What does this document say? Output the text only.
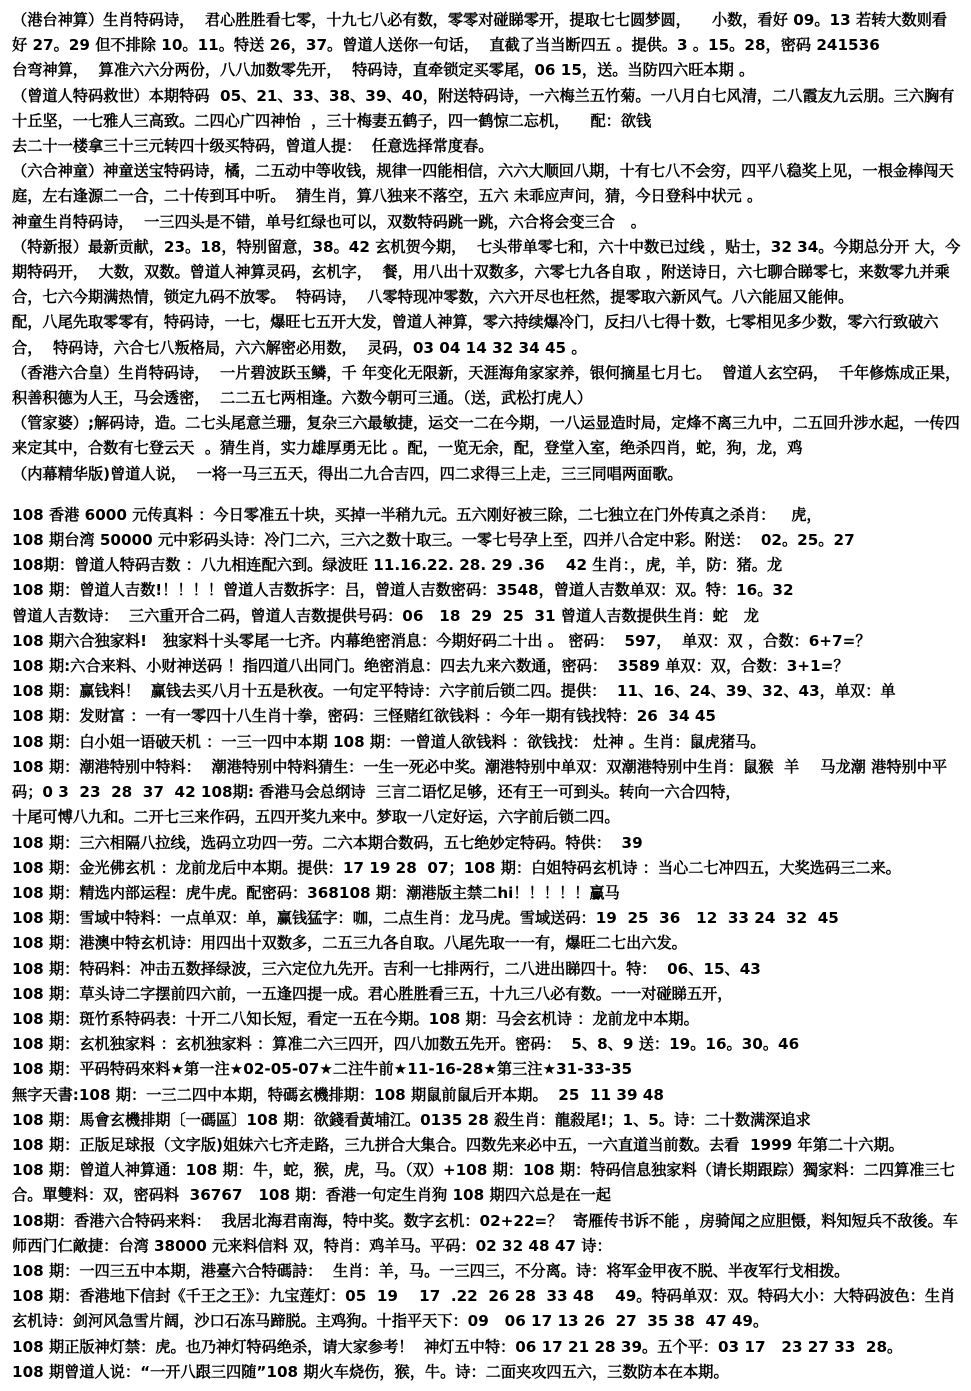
（港台神算）生肖特码诗，  君心胜胜看七零，十九七八必有数，零零对碰睇零开，提取七七圆梦圆，    小数，看好 09。13 若转大数则看好 27。29 但不排除 10。11。特送 26，37。曾道人送你一句话，  直截了当当断四五 。提供。3 。15。28，密码 241536
台弯神算，  算准六六分两份，八八加数零先开，  特码诗，直牵锁定买零尾，06 15，送。当防四六旺本期 。
（曾道人特码救世）本期特码  05、21、33、38、39、40，附送特码诗，一六梅兰五竹菊。一八月白七风清，二八霞友九云朋。三六胸有十丘坚，一七雅人三高致。二四心广四神怡  ，三十梅妻五鹤子，四一鹤惊二忘机，    配：欲钱
去二十一楼拿三十三元转四十级买特码，曾道人提：  任意选择常度春。
（六合神童）神童送宝特码诗，橘，二五动中等收钱，规律一四能相信，六六大顺回八期，十有七八不会穷，四平八稳奖上见，一根金棒闯天庭，左右逢源二一合，二十传到耳中听。  猜生肖，算八独来不落空，五六 未乖应声问，猜，今日登科中状元 。
神童生肖特码诗，  一三四头是不错，单号红绿也可以，双数特码跳一跳，六合将会变三合   。
（特新报）最新贡献，23。18，特别留意，38。42 玄机贺今期，  七头带单零七和，六十中数已过线 ，贴士，32 34。今期总分开 大，今期特码开，  大数，双数。曾道人神算灵码，玄机字，  餐，用八出十双数多，六零七九各自取 ，附送诗日，六七聊合睇零七，来数零九并乘合，七六今期满热情，锁定九码不放零。  特码诗，  八零特现冲零数，六六开尽也枉然，提零取六新风气。八六能屈又能伸。
配，八尾先取零零有，特码诗，一七，爆旺七五开大发，曾道人神算，零六持续爆冷门，反扫八七得十数，七零相见多少数，零六行致破六合，  特码诗，六合七八叛格局，六六解密必用数，  灵码，03 04 14 32 34 45 。
（香港六合皇）生肖特码诗，  一片碧波跃玉鳞，千 年变化无限新，天涯海角家家养，银何摘星七月七。  曾道人玄空码，  千年修炼成正果，积善积德为人王，马会透密，  二二五七两相逢。六数今朝可三通。（送，武松打虎人）
（管家婆）;解码诗，造。二七头尾意兰珊，复杂三六最敏捷，运交一二在今期，一八运显造时局，定烽不离三九中，二五回升涉水起，一传四来定其中，合数有七登云天  。猜生肖，实力雄厚勇无比 。配，一览无余，配，登堂入室，绝杀四肖，蛇，狗，龙，鸡
（内幕精华版)曾道人说，  一将一马三五天，得出二九合吉四，四二求得三上走，三三同唱两面歌。
108 香港 6000 元传真料 ：今日零准五十块，买掉一半稍九元。五六刚好被三除，二七独立在门外传真之杀肖：   虎，
108 期台湾 50000 元中彩码头诗：冷门二六，三六之数十取三。一零七号孕上至，四并八合定中彩。附送：  02。25。27
108期：曾道人特码吉数 ：八九相连配六到。绿波旺 11.16.22. 28. 29 .36    42 生肖：，虎，羊，防：猪。龙
108 期：曾道人吉数!！！！！曾道人吉数拆字：吕，曾道人吉数密码：3548，曾道人吉数单双：双。特：16。32
曾道人吉数诗：  三六重开合二码，曾道人吉数提供号码：06   18  29  25  31 曾道人吉数提供生肖：蛇   龙
108 期六合独家料!   独家料十头零尾一七齐。内幕绝密消息：今期好码二十出 。 密码：  597，  单双：双 ，合数：6+7=？
108 期:六合来料、小财神送码 ！指四道八出同门。绝密消息：四去九来六数通，密码：  3589 单双：双，合数：3+1=？
108 期：赢钱料！  赢钱去买八月十五是秋夜。一句定平特诗：六字前后锁二四。提供：  11、16、24、39、32、43，单双：单
108 期：发财富 ：一有一零四十八生肖十拳，密码：三怪赌红欲钱料 ：今年一期有钱找特：26  34 45
108 期：白小姐一语破天机 ：一三一四中本期 108 期：一曾道人欲钱料 ：欲钱找： 灶神 。生肖：鼠虎猪马。
108 期：潮港特别中特料：  潮港特别中特料猜生：一生一死必中奖。潮港特别中单双：双潮港特别中生肖：鼠猴  羊    马龙潮 港特别中平码；0 3  23  28  37  42 108期: 香港马会总纲诗  三言二语忆足够，还有王一可到头。转向一六合四特，
十尾可愽八九和。二开七三来作码，五四开奖九来中。梦取一八定好运，六字前后锁二四。
108 期：三六相隔八拉线，选码立功四一劳。二六本期合数码，五七绝妙定特码。特供：  39
108 期：金光佛玄机 ：龙前龙后中本期。提供：17 19 28  07；108 期：白姐特码玄机诗 ：当心二七冲四五，大奖选码三二来。
108 期：精选内部运程：虎牛虎。配密码：368108 期：潮港版主禁二hi！！！！！驘马
108 期：雪域中特料：一点单双：单，赢钱猛字：咖，二点生肖：龙马虎。雪域送码：19  25  36   12  33 24  32  45
108 期：港澳中特玄机诗：用四出十双数多，二五三九各自取。八尾先取一一有，爆旺二七出六发。
108 期：特码料：冲击五数择绿波，三六定位九先开。吉利一七排两行，二八进出睇四十。特：  06、15、43
108 期：草头诗二字摆前四六前，一五逢四提一成。君心胜胜看三五，十九三八必有数。一一对碰睇五开，
108 期：斑竹系特码表：十开二八知长短，看定一五在今期。108 期：马会玄机诗 ：龙前龙中本期。
108 期：玄机独家料 ：玄机独家料 ：算准二六三四开，四八加数五先开。密码：  5、8、9 送：19。16。30。46
108 期：平码特码來料★第一注★02-05-07★二注牛前★11-16-28★第三注★31-33-35
無字天書:108 期：一三二四中本期，特碼玄機排期：108 期鼠前鼠后开本期。  25  11 39 48
108 期：馬會玄機排期〔一碼區〕108 期：欲錢看黃埔江。0135 28 殺生肖：龍殺尾!；1、5。诗：二十数满深追求
108 期：正版足球报（文字版)姐妹六七齐走路，三九拼合大集合。四数先来必中五，一六直道当前数。去看  1999 年第二十六期。
108 期：曾道人神算通：108 期：牛，蛇，猴，虎，马。（双）+108 期：108 期：特码信息独家料（请长期跟踪）獨家料：二四算准三七合。單雙料：双，密码料  36767   108 期：香港一句定生肖狗 108 期四六总是在一起
108期：香港六合特码来料：  我居北海君南海，特中奖。数字玄机：02+22=？  寄雁传书诉不能 ，房骑闻之应胆慑，料知短兵不敌後。车师西门仁敵捷：台湾 38000 元来料信料 双，特肖：鸡羊马。平码：02 32 48 47 诗：
108 期：一四三五中本期，港臺六合特碼詩：  生肖：羊，马。一三四三，不分离。诗：将军金甲夜不脱、半夜军行戈相拨。
108 期：香港地下信封《千王之王》：九宝莲灯：05  19    17  .22  26 28  33 48    49。特码单双：双。特码大小：大特码波色：生肖玄机诗：剑河风急雪片阔，沙口石冻马蹄脱。主鸡狗。十指平天下：09   06 17 13 26  27  35 38  47 49。
108 期正版神灯禁：虎。也乃神灯特码绝杀，请大家参考！  神灯五中特：06 17 21 28 39。五个平：03 17   23 27 33  28。
108 期曾道人说：“一开八跟三四随”108 期火车烧伤，猴，牛。诗：二面夹攻四五六，三数防本在本期。
